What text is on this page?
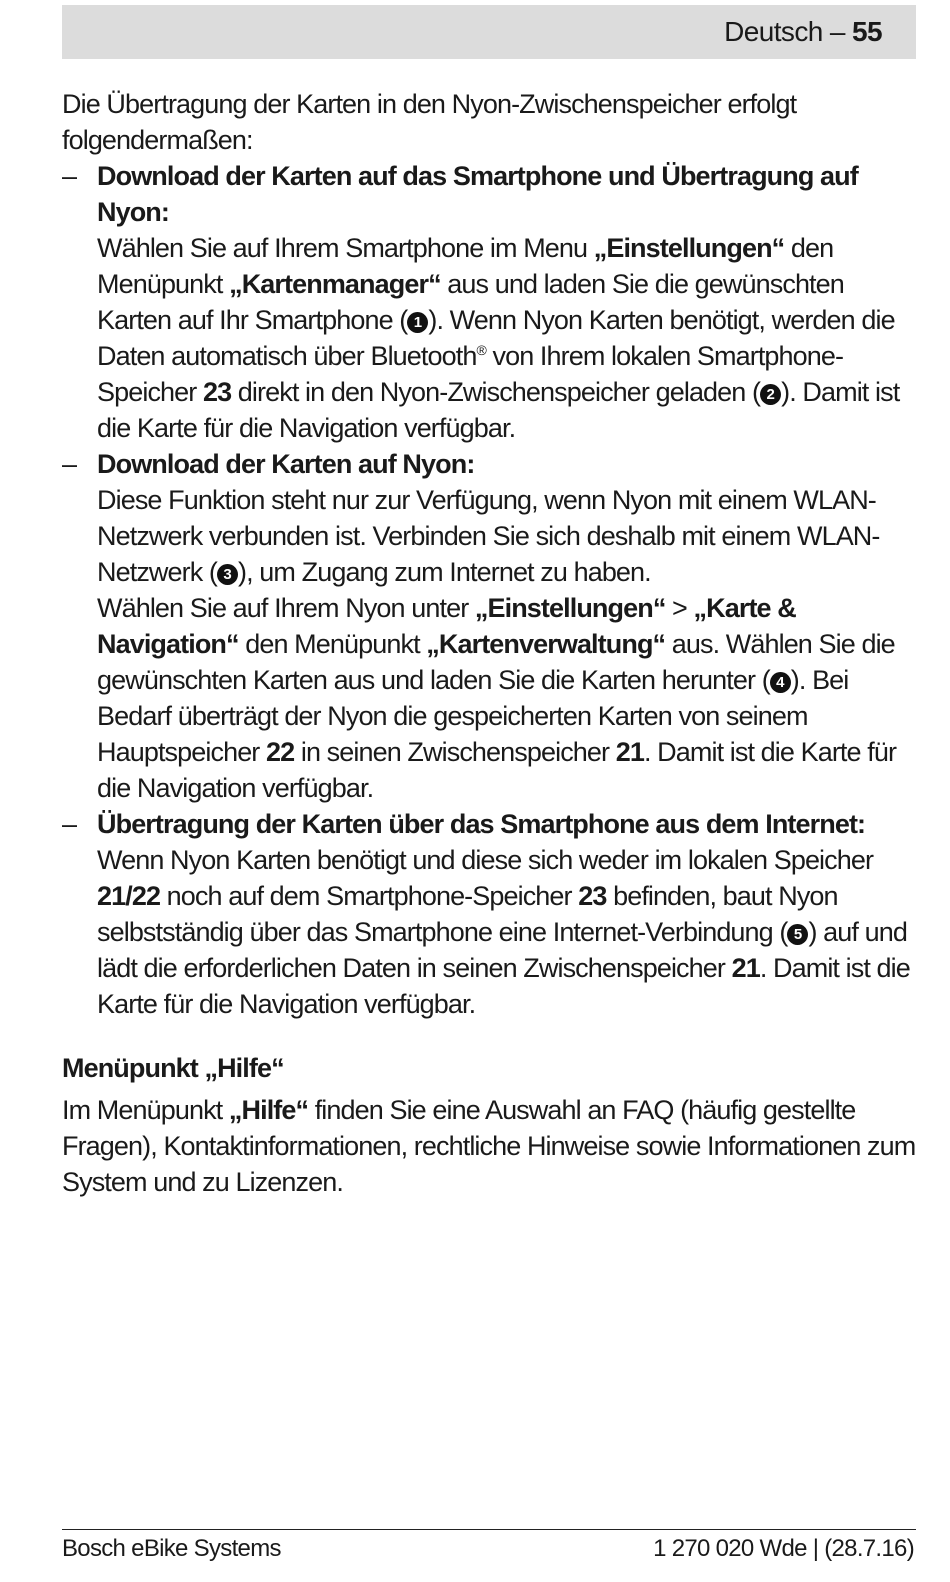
Deutsch – 55

Die Übertragung der Karten in den Nyon-Zwischenspeicher erfolgt folgendermaßen:

– Download der Karten auf das Smartphone und Übertragung auf Nyon:

Wählen Sie auf Ihrem Smartphone im Menu „Einstellungen“ den Menüpunkt „Kartenmanager“ aus und laden Sie die gewünschten Karten auf Ihr Smartphone ( 1 ). Wenn Nyon Karten benötigt, werden die Daten automatisch über Bluetooth® von Ihrem lokalen Smartphone-Speicher 23 direkt in den Nyon-Zwischenspeicher geladen ( 2 ). Damit ist die Karte für die Navigation verfügbar.

– Download der Karten auf Nyon:

Diese Funktion steht nur zur Verfügung, wenn Nyon mit einem WLAN-Netzwerk verbunden ist. Verbinden Sie sich deshalb mit einem WLAN-Netzwerk ( 3 ), um Zugang zum Internet zu haben.

Wählen Sie auf Ihrem Nyon unter „Einstellungen“ > „Karte & Navigation“ den Menüpunkt „Kartenverwaltung“ aus. Wählen Sie die gewünschten Karten aus und laden Sie die Karten herunter ( 4 ). Bei Bedarf überträgt der Nyon die gespeicherten Karten von seinem Hauptspeicher 22 in seinen Zwischenspeicher 21. Damit ist die Karte für die Navigation verfügbar.

– Übertragung der Karten über das Smartphone aus dem Internet:

Wenn Nyon Karten benötigt und diese sich weder im lokalen Speicher 21/22 noch auf dem Smartphone-Speicher 23 befinden, baut Nyon selbstständig über das Smartphone eine Internet-Verbindung ( 5 ) auf und lädt die erforderlichen Daten in seinen Zwischenspeicher 21. Damit ist die Karte für die Navigation verfügbar.

Menüpunkt „Hilfe“

Im Menüpunkt „Hilfe“ finden Sie eine Auswahl an FAQ (häufig gestellte Fragen), Kontaktinformationen, rechtliche Hinweise sowie Informationen zum System und zu Lizenzen.

Bosch eBike Systems	1 270 020 Wde | (28.7.16)
